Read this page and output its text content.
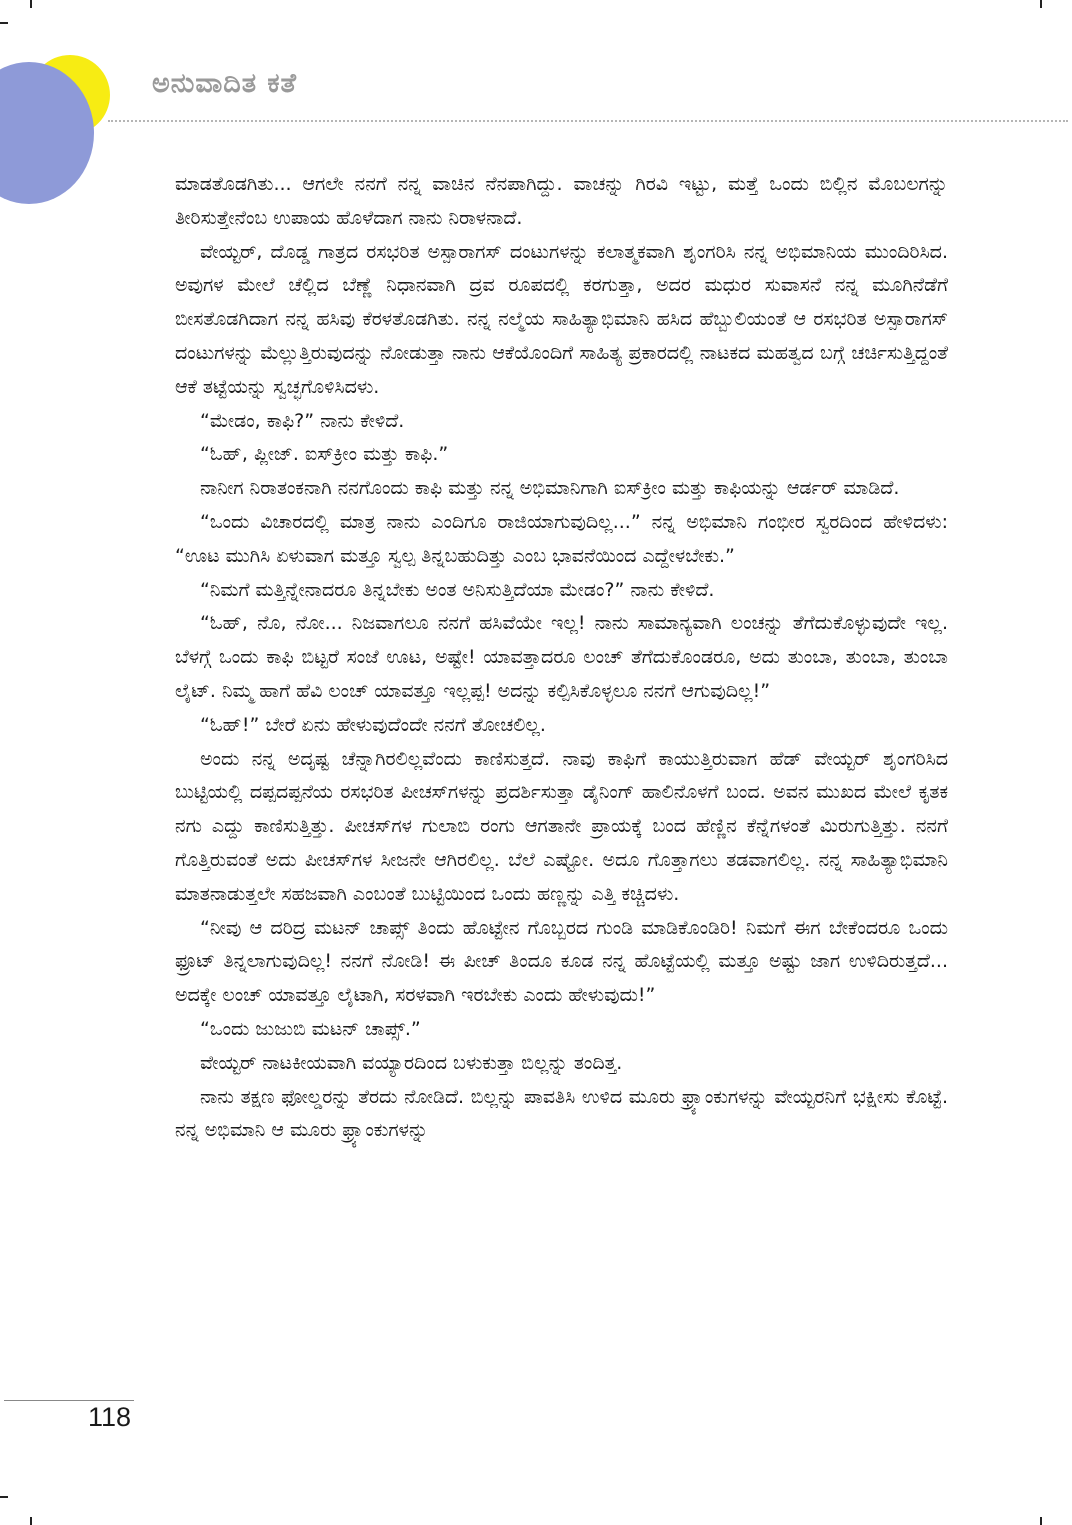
ಅನುವಾದಿತ ಕತೆ

ಮಾಡತೊಡಗಿತು... ಆಗಲೇ ನನಗೆ ನನ್ನ ವಾಚಿನ ನೆನಪಾಗಿದ್ದು. ವಾಚನ್ನು ಗಿರವಿ ಇಟ್ಟು, ಮತ್ತೆ ಒಂದು ಬಿಲ್ಲಿನ ಮೊಬಲಗನ್ನು ತೀರಿಸುತ್ತೇನೆಂಬ ಉಪಾಯ ಹೊಳೆದಾಗ ನಾನು ನಿರಾಳನಾದೆ.

ವೇಯ್ಟರ್, ದೊಡ್ಡ ಗಾತ್ರದ ರಸಭರಿತ ಅಸ್ಪಾರಾಗಸ್ ದಂಟುಗಳನ್ನು ಕಲಾತ್ಮಕವಾಗಿ ಶೃಂಗರಿಸಿ ನನ್ನ ಅಭಿಮಾನಿಯ ಮುಂದಿರಿಸಿದ. ಅವುಗಳ ಮೇಲೆ ಚೆಲ್ಲಿದ ಬೆಣ್ಣೆ ನಿಧಾನವಾಗಿ ದ್ರವ ರೂಪದಲ್ಲಿ ಕರಗುತ್ತಾ, ಅದರ ಮಧುರ ಸುವಾಸನೆ ನನ್ನ ಮೂಗಿನೆಡೆಗೆ ಬೀಸತೊಡಗಿದಾಗ ನನ್ನ ಹಸಿವು ಕೆರಳತೊಡಗಿತು. ನನ್ನ ನಲ್ಮೆಯ ಸಾಹಿತ್ಯಾಭಿಮಾನಿ ಹಸಿದ ಹೆಬ್ಬುಲಿಯಂತೆ ಆ ರಸಭರಿತ ಅಸ್ಪಾರಾಗಸ್ ದಂಟುಗಳನ್ನು ಮೆಲ್ಲುತ್ತಿರುವುದನ್ನು ನೋಡುತ್ತಾ ನಾನು ಆಕೆಯೊಂದಿಗೆ ಸಾಹಿತ್ಯ ಪ್ರಕಾರದಲ್ಲಿ ನಾಟಕದ ಮಹತ್ವದ ಬಗ್ಗೆ ಚರ್ಚಿಸುತ್ತಿದ್ದಂತೆ ಆಕೆ ತಟ್ಟೆಯನ್ನು ಸ್ವಚ್ಛಗೊಳಿಸಿದಳು.

“ಮೇಡಂ, ಕಾಫಿ?” ನಾನು ಕೇಳಿದೆ.

“ಓಹ್, ಪ್ಲೀಜ್. ಐಸ್‌ಕ್ರೀಂ ಮತ್ತು ಕಾಫಿ.”

ನಾನೀಗ ನಿರಾತಂಕನಾಗಿ ನನಗೊಂದು ಕಾಫಿ ಮತ್ತು ನನ್ನ ಅಭಿಮಾನಿಗಾಗಿ ಐಸ್‌ಕ್ರೀಂ ಮತ್ತು ಕಾಫಿಯನ್ನು ಆರ್ಡರ್ ಮಾಡಿದೆ.

“ಒಂದು ವಿಚಾರದಲ್ಲಿ ಮಾತ್ರ ನಾನು ಎಂದಿಗೂ ರಾಜಿಯಾಗುವುದಿಲ್ಲ...” ನನ್ನ ಅಭಿಮಾನಿ ಗಂಭೀರ ಸ್ವರದಿಂದ ಹೇಳಿದಳು: “ಊಟ ಮುಗಿಸಿ ಏಳುವಾಗ ಮತ್ತೂ ಸ್ವಲ್ಪ ತಿನ್ನಬಹುದಿತ್ತು ಎಂಬ ಭಾವನೆಯಿಂದ ಎದ್ದೇಳಬೇಕು.”

“ನಿಮಗೆ ಮತ್ತಿನ್ನೇನಾದರೂ ತಿನ್ನಬೇಕು ಅಂತ ಅನಿಸುತ್ತಿದೆಯಾ ಮೇಡಂ?” ನಾನು ಕೇಳಿದೆ.

“ಓಹ್, ನೊ, ನೋ... ನಿಜವಾಗಲೂ ನನಗೆ ಹಸಿವೆಯೇ ಇಲ್ಲ! ನಾನು ಸಾಮಾನ್ಯವಾಗಿ ಲಂಚನ್ನು ತೆಗೆದುಕೊಳ್ಳುವುದೇ ಇಲ್ಲ. ಬೆಳಗ್ಗೆ ಒಂದು ಕಾಫಿ ಬಿಟ್ಟರೆ ಸಂಜೆ ಊಟ, ಅಷ್ಟೇ! ಯಾವತ್ತಾದರೂ ಲಂಚ್ ತೆಗೆದುಕೊಂಡರೂ, ಅದು ತುಂಬಾ, ತುಂಬಾ, ತುಂಬಾ ಲೈಟ್. ನಿಮ್ಮ ಹಾಗೆ ಹೆವಿ ಲಂಚ್ ಯಾವತ್ತೂ ಇಲ್ಲಪ್ಪ! ಅದನ್ನು ಕಲ್ಪಿಸಿಕೊಳ್ಳಲೂ ನನಗೆ ಆಗುವುದಿಲ್ಲ!”

“ಓಹ್!” ಬೇರೆ ಏನು ಹೇಳುವುದೆಂದೇ ನನಗೆ ತೋಚಲಿಲ್ಲ.

ಅಂದು ನನ್ನ ಅದೃಷ್ಟ ಚೆನ್ನಾಗಿರಲಿಲ್ಲವೆಂದು ಕಾಣಿಸುತ್ತದೆ. ನಾವು ಕಾಫಿಗೆ ಕಾಯುತ್ತಿರುವಾಗ ಹೆಡ್ ವೇಯ್ಟರ್ ಶೃಂಗರಿಸಿದ ಬುಟ್ಟಿಯಲ್ಲಿ ದಪ್ಪದಪ್ಪನೆಯ ರಸಭರಿತ ಪೀಚಸ್‌ಗಳನ್ನು ಪ್ರದರ್ಶಿಸುತ್ತಾ ಡೈನಿಂಗ್ ಹಾಲಿನೊಳಗೆ ಬಂದ. ಅವನ ಮುಖದ ಮೇಲೆ ಕೃತಕ ನಗು ಎದ್ದು ಕಾಣಿಸುತ್ತಿತ್ತು. ಪೀಚಸ್‌ಗಳ ಗುಲಾಬಿ ರಂಗು ಆಗತಾನೇ ಪ್ರಾಯಕ್ಕೆ ಬಂದ ಹೆಣ್ಣಿನ ಕೆನ್ನೆಗಳಂತೆ ಮಿರುಗುತ್ತಿತ್ತು. ನನಗೆ ಗೊತ್ತಿರುವಂತೆ ಅದು ಪೀಚಸ್‌ಗಳ ಸೀಜನೇ ಆಗಿರಲಿಲ್ಲ. ಬೆಲೆ ಎಷ್ಟೋ. ಅದೂ ಗೊತ್ತಾಗಲು ತಡವಾಗಲಿಲ್ಲ. ನನ್ನ ಸಾಹಿತ್ಯಾಭಿಮಾನಿ ಮಾತನಾಡುತ್ತಲೇ ಸಹಜವಾಗಿ ಎಂಬಂತೆ ಬುಟ್ಟಿಯಿಂದ ಒಂದು ಹಣ್ಣನ್ನು ಎತ್ತಿ ಕಚ್ಚಿದಳು.

“ನೀವು ಆ ದರಿದ್ರ ಮಟನ್ ಚಾಪ್ಸ್ ತಿಂದು ಹೊಟ್ಟೇನ ಗೊಬ್ಬರದ ಗುಂಡಿ ಮಾಡಿಕೊಂಡಿರಿ! ನಿಮಗೆ ಈಗ ಬೇಕೆಂದರೂ ಒಂದು ಫ್ರೂಟ್ ತಿನ್ನಲಾಗುವುದಿಲ್ಲ! ನನಗೆ ನೋಡಿ! ಈ ಪೀಚ್ ತಿಂದೂ ಕೂಡ ನನ್ನ ಹೊಟ್ಟೆಯಲ್ಲಿ ಮತ್ತೂ ಅಷ್ಟು ಜಾಗ ಉಳಿದಿರುತ್ತದೆ... ಅದಕ್ಕೇ ಲಂಚ್ ಯಾವತ್ತೂ ಲೈಟಾಗಿ, ಸರಳವಾಗಿ ಇರಬೇಕು ಎಂದು ಹೇಳುವುದು!”

“ಒಂದು ಜುಜುಬಿ ಮಟನ್ ಚಾಪ್ಸ್.”

ವೇಯ್ಟರ್ ನಾಟಕೀಯವಾಗಿ ವಯ್ಯಾರದಿಂದ ಬಳುಕುತ್ತಾ ಬಿಲ್ಲನ್ನು ತಂದಿತ್ತ.

ನಾನು ತಕ್ಷಣ ಫೋಲ್ಡರನ್ನು ತೆರದು ನೋಡಿದೆ. ಬಿಲ್ಲನ್ನು ಪಾವತಿಸಿ ಉಳಿದ ಮೂರು ಫ್ರ್ಯಾಂಕುಗಳನ್ನು ವೇಯ್ಟರನಿಗೆ ಭಕ್ಷೀಸು ಕೊಟ್ಟೆ. ನನ್ನ ಅಭಿಮಾನಿ ಆ ಮೂರು ಫ್ರ್ಯಾಂಕುಗಳನ್ನು

118
